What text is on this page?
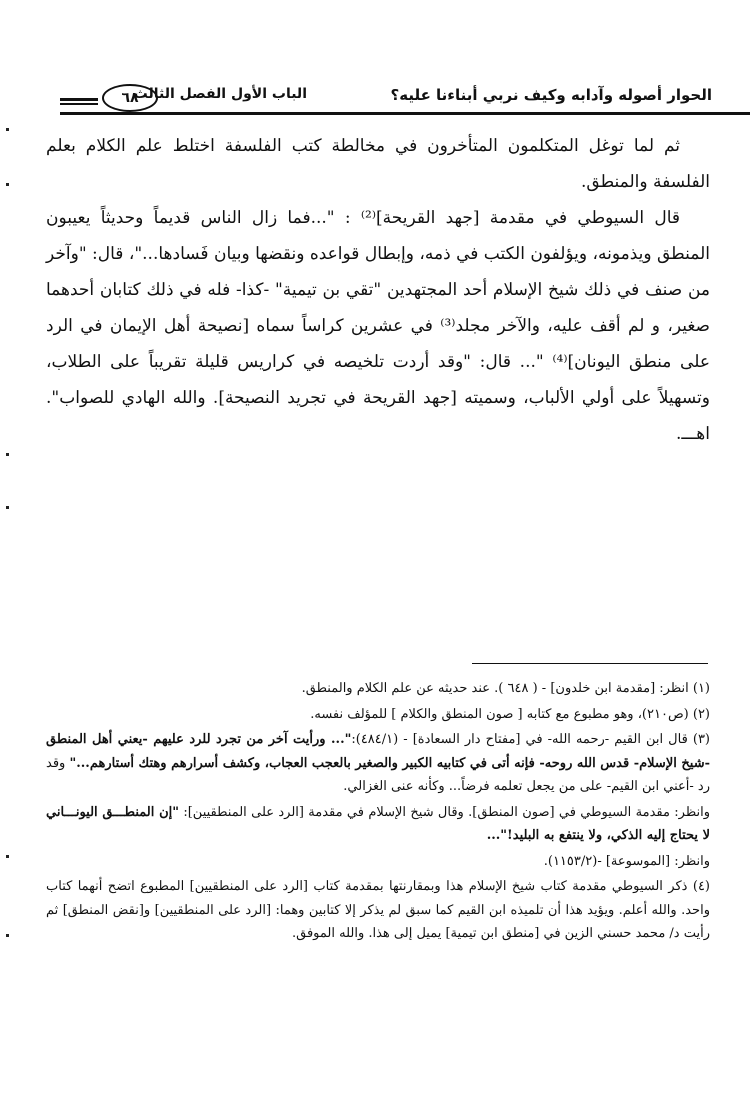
الحوار أصوله وآدابه وكيف نربي أبناءنا عليه؟
الباب الأول الفصل الثالث
٦٨

ثم لما توغل المتكلمون المتأخرون في مخالطة كتب الفلسفة اختلط علم الكلام بعلم الفلسفة والمنطق.

قال السيوطي في مقدمة [جهد القريحة]⁽²⁾ : "...فما زال الناس قديماً وحديثاً يعيبون المنطق ويذمونه، ويؤلفون الكتب في ذمه، وإبطال قواعده ونقضها وبيان فَسادها..."، قال: "وآخر من صنف في ذلك شيخ الإسلام أحد المجتهدين "تقي بن تيمية" -كذا- فله في ذلك كتابان أحدهما صغير، و لم أقف عليه، والآخر مجلد⁽³⁾ في عشرين كراساً سماه [نصيحة أهل الإيمان في الرد على منطق اليونان]⁽⁴⁾ "... قال: "وقد أردت تلخيصه في كراريس قليلة تقريباً على الطلاب، وتسهيلاً على أولي الألباب، وسميته [جهد القريحة في تجريد النصيحة]. والله الهادي للصواب". اهـــ.

(١) انظر: [مقدمة ابن خلدون] - ( ٦٤٨ ). عند حديثه عن علم الكلام والمنطق.

(٢) (ص٢١٠)، وهو مطبوع مع كتابه [ صون المنطق والكلام ] للمؤلف نفسه.

(٣) قال ابن القيم -رحمه الله- في [مفتاح دار السعادة] - (٤٨٤/١):"... ورأيت آخر من تجرد للرد عليهم -يعني أهل المنطق -شيخ الإسلام- قدس الله روحه- فإنه أتى في كتابيه الكبير والصغير بالعجب العجاب، وكشف أسرارهم وهتك أستارهم..." وقد رد -أعني ابن القيم- على من يجعل تعلمه فرضاً... وكأنه عنى الغزالي.

وانظر: مقدمة السيوطي في [صون المنطق]. وقال شيخ الإسلام في مقدمة [الرد على المنطقيين]: "إن المنطـــق اليونـــاني لا يحتاج إليه الذكي، ولا ينتفع به البليد!"...

وانظر: [الموسوعة] -(١١٥٣/٢).

(٤) ذكر السيوطي مقدمة كتاب شيخ الإسلام هذا وبمقارنتها بمقدمة كتاب [الرد على المنطقيين] المطبوع اتضح أنهما كتاب واحد. والله أعلم. ويؤيد هذا أن تلميذه ابن القيم كما سبق لم يذكر إلا كتابين وهما: [الرد على المنطقيين] و[نقض المنطق] ثم رأيت د/ محمد حسني الزين في [منطق ابن تيمية] يميل إلى هذا. والله الموفق.
